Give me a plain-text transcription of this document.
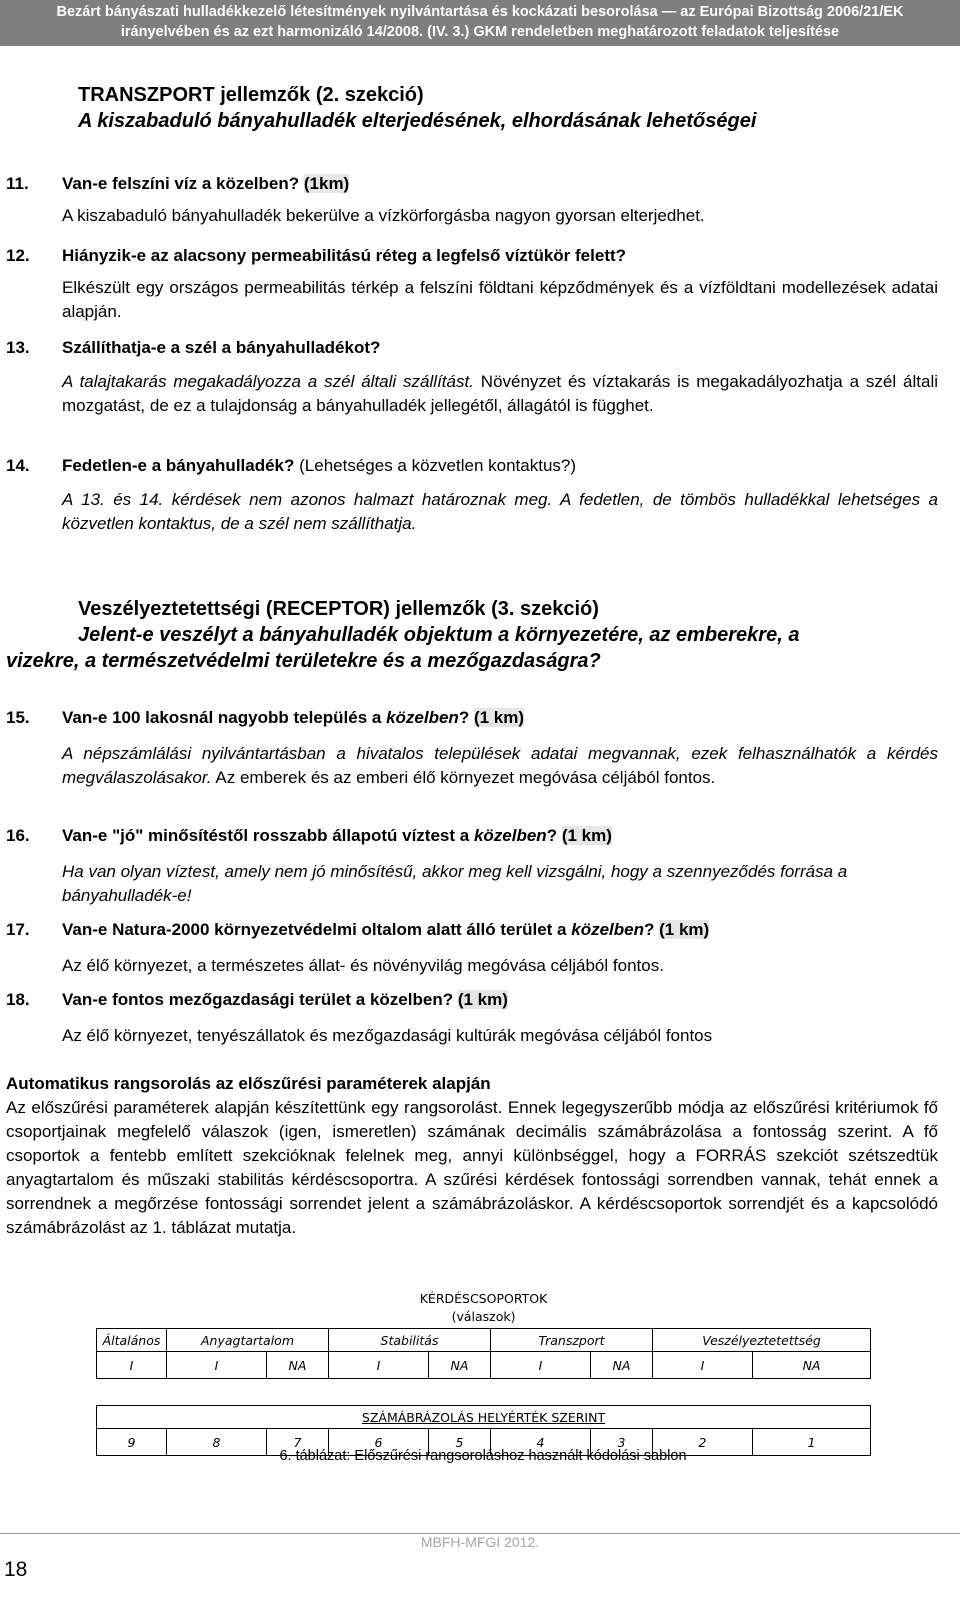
Bezárt bányászati hulladékkezelő létesítmények nyilvántartása és kockázati besorolása — az Európai Bizottság 2006/21/EK
irányelvében és az ezt harmonizáló 14/2008. (IV. 3.) GKM rendeletben meghatározott feladatok teljesítése
TRANSZPORT jellemzők (2. szekció)
A kiszabaduló bányahulladék elterjedésének, elhordásának lehetőségei
11. Van-e felszíni víz a közelben? (1km)
A kiszabaduló bányahulladék bekerülve a vízkörforgásba nagyon gyorsan elterjedhet.
12. Hiányzik-e az alacsony permeabilitású réteg a legfelső víztükör felett?
Elkészült egy országos permeabilitás térkép a felszíni földtani képződmények és a vízföldtani modellezések adatai alapján.
13. Szállíthatja-e a szél a bányahulladékot?
A talajtakarás megakadályozza a szél általi szállítást. Növényzet és víztakarás is megakadályozhatja a szél általi mozgatást, de ez a tulajdonság a bányahulladék jellegétől, állagától is függhet.
14. Fedetlen-e a bányahulladék? (Lehetséges a közvetlen kontaktus?)
A 13. és 14. kérdések nem azonos halmazt határoznak meg. A fedetlen, de tömbös hulladékkal lehetséges a közvetlen kontaktus, de a szél nem szállíthatja.
Veszélyeztetettségi (RECEPTOR) jellemzők (3. szekció)
Jelent-e veszélyt a bányahulladék objektum a környezetére, az emberekre, a
vizekre, a természetvédelmi területekre és a mezőgazdaságra?
15. Van-e 100 lakosnál nagyobb település a közelben? (1 km)
A népszámlálási nyilvántartásban a hivatalos települések adatai megvannak, ezek felhasználhatók a kérdés megválaszolásakor. Az emberek és az emberi élő környezet megóvása céljából fontos.
16. Van-e "jó" minősítéstől rosszabb állapotú víztest a közelben? (1 km)
Ha van olyan víztest, amely nem jó minősítésű, akkor meg kell vizsgálni, hogy a szennyeződés forrása a bányahulladék-e!
17. Van-e Natura-2000 környezetvédelmi oltalom alatt álló terület a közelben? (1 km)
Az élő környezet, a természetes állat- és növényvilág megóvása céljából fontos.
18. Van-e fontos mezőgazdasági terület a közelben? (1 km)
Az élő környezet, tenyészállatok és mezőgazdasági kultúrák megóvása céljából fontos
Automatikus rangsorolás az előszűrési paraméterek alapján
Az előszűrési paraméterek alapján készítettünk egy rangsorolást. Ennek legegyszerűbb módja az előszűrési kritériumok fő csoportjainak megfelelő válaszok (igen, ismeretlen) számának decimális számábrázolása a fontosság szerint. A fő csoportok a fentebb említett szekcióknak felelnek meg, annyi különbséggel, hogy a FORRÁS szekciót szétszedtük anyagtartalom és műszaki stabilitás kérdéscsoportra. A szűrési kérdések fontossági sorrendben vannak, tehát ennek a sorrendnek a megőrzése fontossági sorrendet jelent a számábrázoláskor. A kérdéscsoportok sorrendjét és a kapcsolódó számábrázolást az 1. táblázat mutatja.
KÉRDÉSCSOPORTOK
(válaszok)								
Általános	Anyagtartalom		Stabilitás		Transzport		Veszélyeztetettség	
I	I	NA	I	NA	I	NA	I	NA

SZÁMÁBRÁZOLÁS HELYÉRTÉK SZERINT								
9	8	7	6	5	4	3	2	1
6. táblázat: Előszűrési rangsoroláshoz használt kódolási sablon
MBFH-MFGI 2012.
18
